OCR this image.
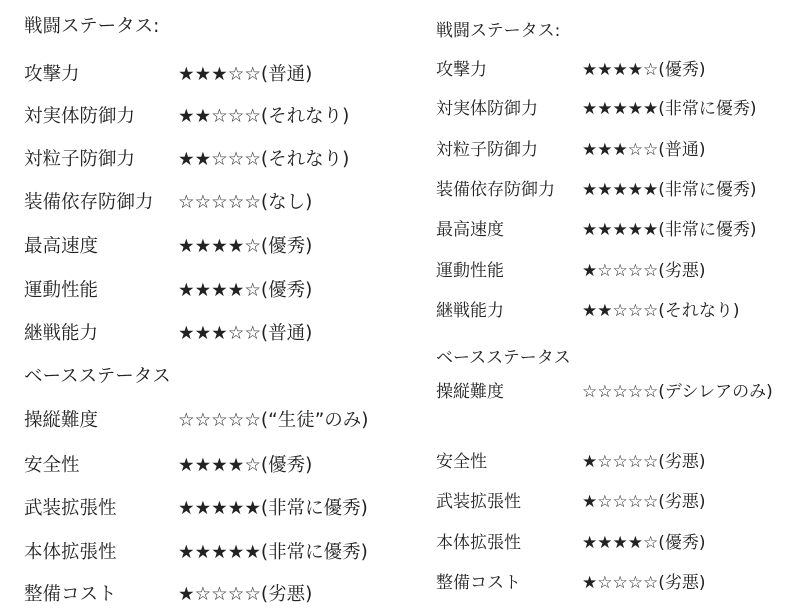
戦闘ステータス:
攻撃力	★★★☆☆(普通)
対実体防御力 ★★☆☆☆(それなり)
対粒子防御力 ★★☆☆☆(それなり)
装備依存防御力 ☆☆☆☆☆(なし)
最高速度	★★★★☆(優秀)
運動性能	★★★★☆(優秀)
継戦能力	★★★☆☆(普通)
ベースステータス
操縦難度	☆☆☆☆☆(“生徒”のみ)
安全性	★★★★☆(優秀)
武装拡張性	★★★★★(非常に優秀)
本体拡張性	★★★★★(非常に優秀)
整備コスト	★☆☆☆☆(劣悪)
戦闘ステータス:
攻撃力	★★★★☆(優秀)
対実体防御力	★★★★★(非常に優秀)
対粒子防御力	★★★☆☆(普通)
装備依存防御力	★★★★★(非常に優秀)
最高速度	★★★★★(非常に優秀)
運動性能	★☆☆☆☆(劣悪)
継戦能力	★★☆☆☆(それなり)
ベースステータス
操縦難度	☆☆☆☆☆(デシレアのみ)
安全性	★☆☆☆☆(劣悪)
武装拡張性	★☆☆☆☆(劣悪)
本体拡張性	★★★★☆(優秀)
整備コスト	★☆☆☆☆(劣悪)
